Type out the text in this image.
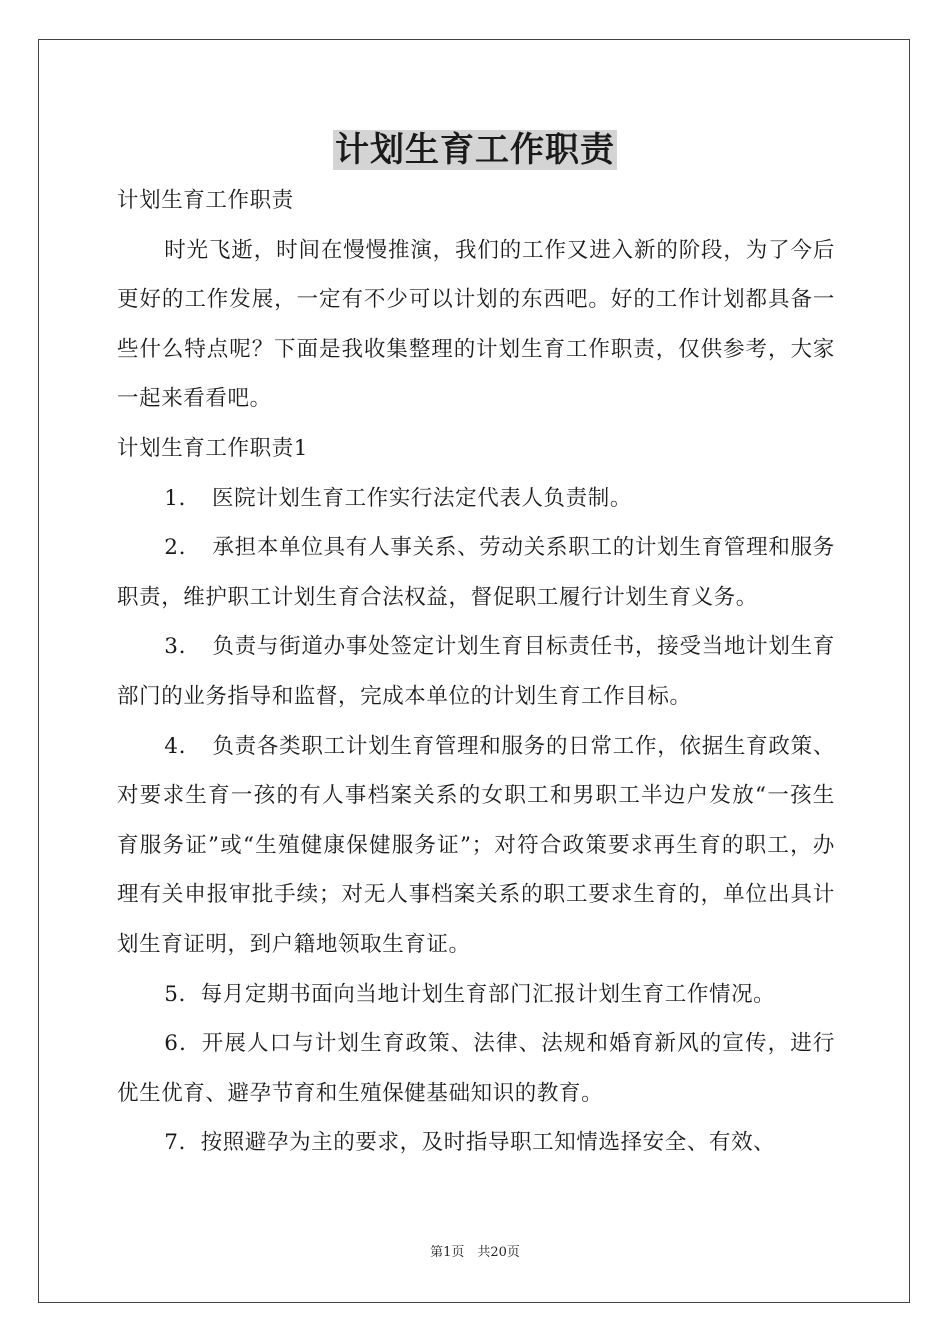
计划生育工作职责

计划生育工作职责

时光飞逝，时间在慢慢推演，我们的工作又进入新的阶段，为了今后更好的工作发展，一定有不少可以计划的东西吧。好的工作计划都具备一些什么特点呢？下面是我收集整理的计划生育工作职责，仅供参考，大家一起来看看吧。

计划生育工作职责1

1．　医院计划生育工作实行法定代表人负责制。

2．　承担本单位具有人事关系、劳动关系职工的计划生育管理和服务职责，维护职工计划生育合法权益，督促职工履行计划生育义务。

3．　负责与街道办事处签定计划生育目标责任书，接受当地计划生育部门的业务指导和监督，完成本单位的计划生育工作目标。

4．　负责各类职工计划生育管理和服务的日常工作，依据生育政策、对要求生育一孩的有人事档案关系的女职工和男职工半边户发放“一孩生育服务证”或“生殖健康保健服务证”；对符合政策要求再生育的职工，办理有关申报审批手续；对无人事档案关系的职工要求生育的，单位出具计划生育证明，到户籍地领取生育证。

5．每月定期书面向当地计划生育部门汇报计划生育工作情况。

6．开展人口与计划生育政策、法律、法规和婚育新风的宣传，进行优生优育、避孕节育和生殖保健基础知识的教育。

7．按照避孕为主的要求，及时指导职工知情选择安全、有效、

第1页　共20页
